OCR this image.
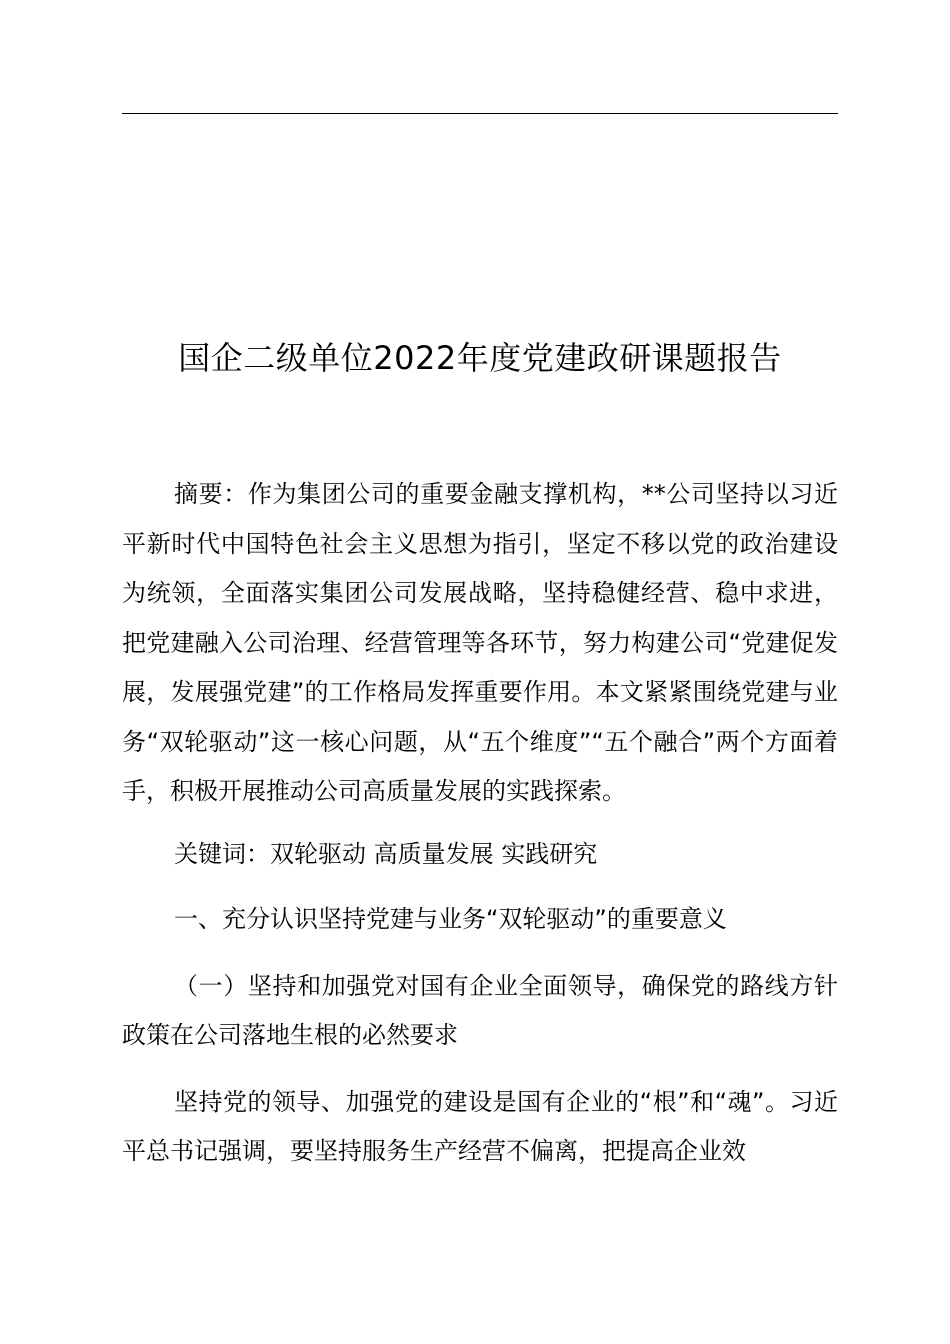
国企二级单位2022年度党建政研课题报告

摘要：作为集团公司的重要金融支撑机构，**公司坚持以习近平新时代中国特色社会主义思想为指引，坚定不移以党的政治建设为统领，全面落实集团公司发展战略，坚持稳健经营、稳中求进，把党建融入公司治理、经营管理等各环节，努力构建公司“党建促发展，发展强党建”的工作格局发挥重要作用。本文紧紧围绕党建与业务“双轮驱动”这一核心问题，从“五个维度”“五个融合”两个方面着手，积极开展推动公司高质量发展的实践探索。

关键词：双轮驱动 高质量发展 实践研究

一、充分认识坚持党建与业务“双轮驱动”的重要意义

（一）坚持和加强党对国有企业全面领导，确保党的路线方针政策在公司落地生根的必然要求

坚持党的领导、加强党的建设是国有企业的“根”和“魂”。习近平总书记强调，要坚持服务生产经营不偏离，把提高企业效
